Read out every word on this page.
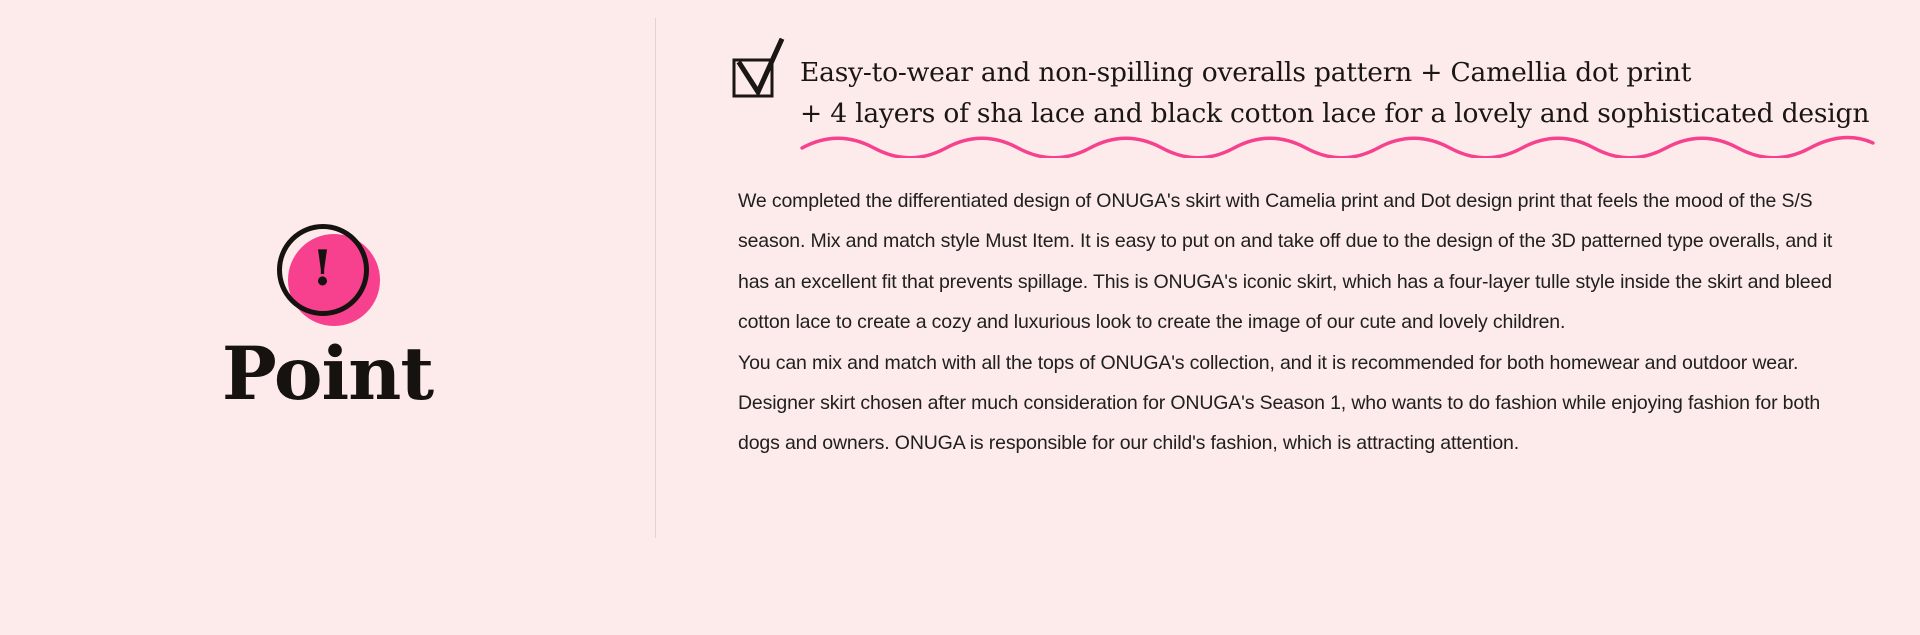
!
Point
Easy-to-wear and non-spilling overalls pattern + Camellia dot print
+ 4 layers of sha lace and black cotton lace for a lovely and sophisticated design

We completed the differentiated design of ONUGA's skirt with Camelia print and Dot design print that feels the mood of the S/S season. Mix and match style Must Item. It is easy to put on and take off due to the design of the 3D patterned type overalls, and it has an excellent fit that prevents spillage. This is ONUGA's iconic skirt, which has a four-layer tulle style inside the skirt and bleed cotton lace to create a cozy and luxurious look to create the image of our cute and lovely children.

You can mix and match with all the tops of ONUGA's collection, and it is recommended for both homewear and outdoor wear. Designer skirt chosen after much consideration for ONUGA's Season 1, who wants to do fashion while enjoying fashion for both dogs and owners. ONUGA is responsible for our child's fashion, which is attracting attention.
